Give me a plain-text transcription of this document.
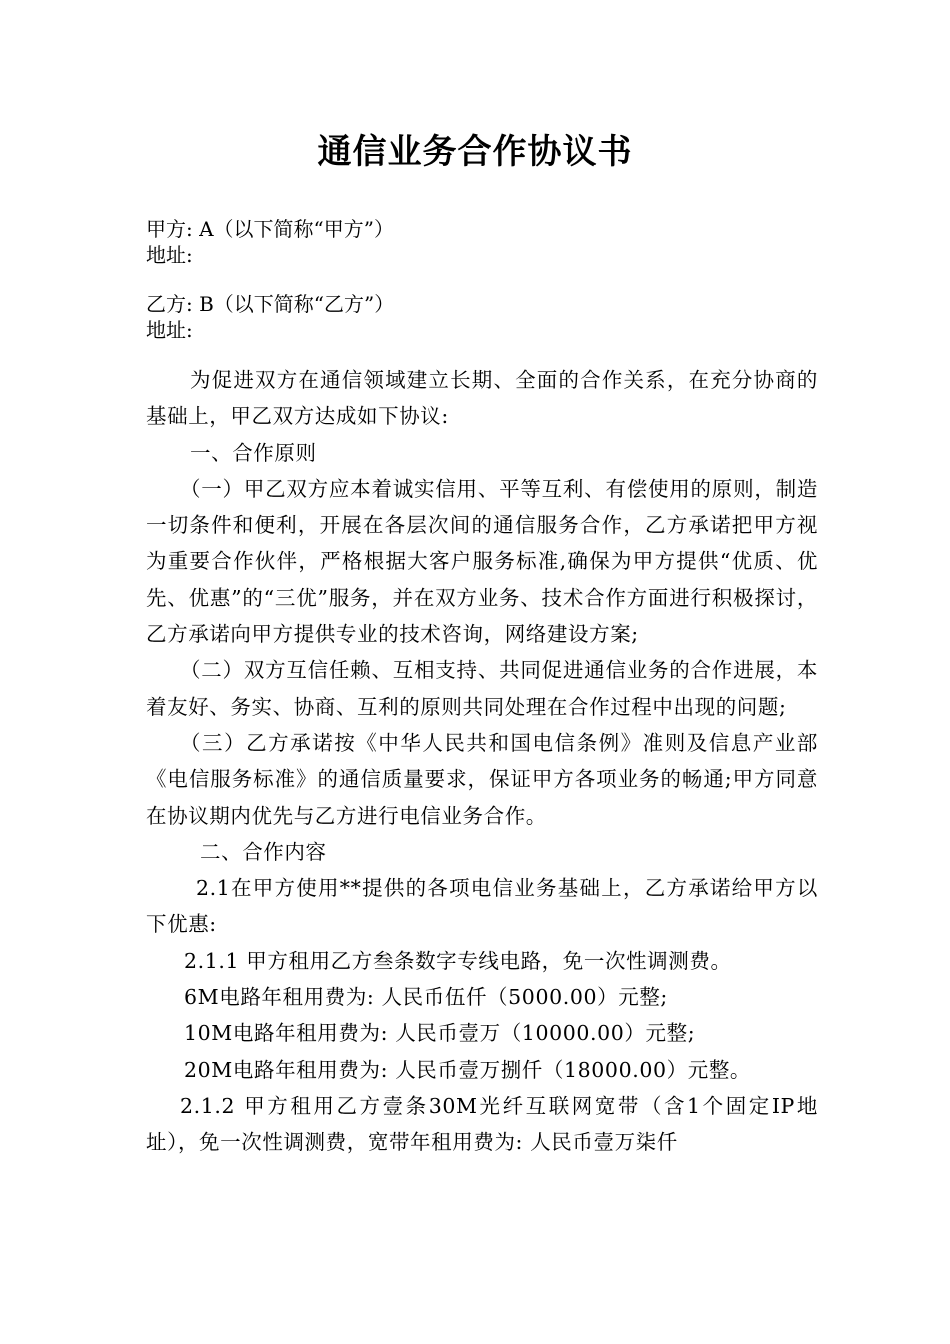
通信业务合作协议书
甲方: A（以下简称“甲方”）
地址:
乙方: B（以下简称“乙方”）
地址:

为促进双方在通信领域建立长期、全面的合作关系，在充分协商的基础上，甲乙双方达成如下协议:

一、合作原则

（一）甲乙双方应本着诚实信用、平等互利、有偿使用的原则，制造一切条件和便利，开展在各层次间的通信服务合作，乙方承诺把甲方视为重要合作伙伴，严格根据大客户服务标准,确保为甲方提供“优质、优先、优惠”的“三优”服务，并在双方业务、技术合作方面进行积极探讨，乙方承诺向甲方提供专业的技术咨询，网络建设方案;

（二）双方互信任赖、互相支持、共同促进通信业务的合作进展，本着友好、务实、协商、互利的原则共同处理在合作过程中出现的问题;

（三）乙方承诺按《中华人民共和国电信条例》准则及信息产业部《电信服务标准》的通信质量要求，保证甲方各项业务的畅通;甲方同意在协议期内优先与乙方进行电信业务合作。

二、合作内容

2.1在甲方使用**提供的各项电信业务基础上，乙方承诺给甲方以下优惠:

2.1.1 甲方租用乙方叁条数字专线电路，免一次性调测费。

6M电路年租用费为: 人民币伍仟（5000.00）元整;

10M电路年租用费为: 人民币壹万（10000.00）元整;

20M电路年租用费为: 人民币壹万捌仟（18000.00）元整。

2.1.2 甲方租用乙方壹条30M光纤互联网宽带（含1个固定IP地址），免一次性调测费，宽带年租用费为: 人民币壹万柒仟
